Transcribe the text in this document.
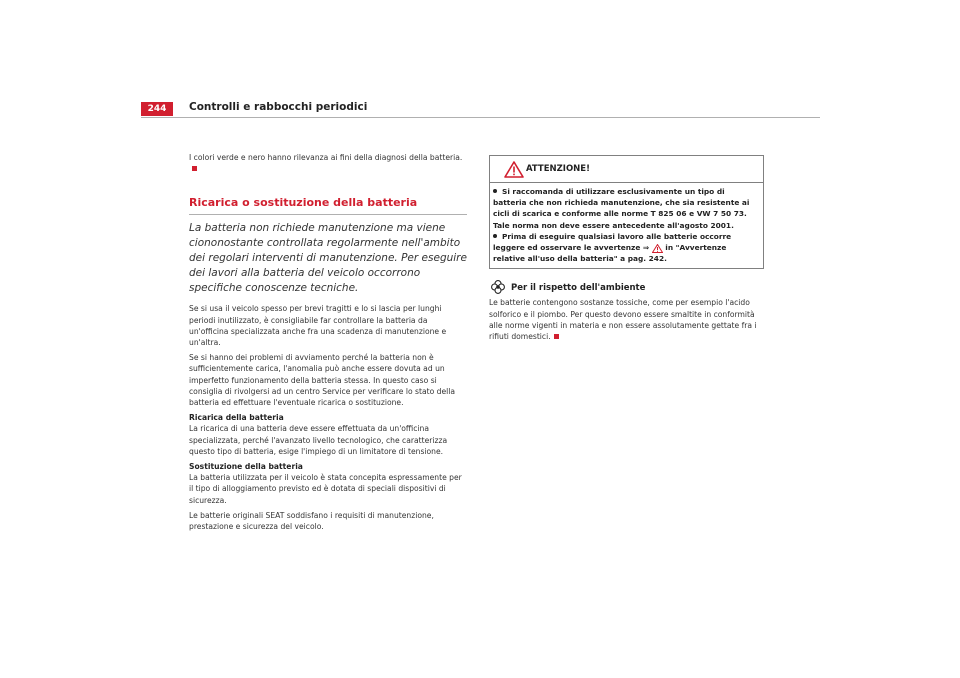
244	Controlli e rabbocchi periodici

I colori verde e nero hanno rilevanza ai fini della diagnosi della batteria.

Ricarica o sostituzione della batteria
La batteria non richiede manutenzione ma viene ciononostante controllata regolarmente nell'ambito dei regolari interventi di manutenzione. Per eseguire dei lavori alla batteria del veicolo occorrono specifiche conoscenze tecniche.

Se si usa il veicolo spesso per brevi tragitti e lo si lascia per lunghi periodi inutilizzato, è consigliabile far controllare la batteria da un'officina specializzata anche fra una scadenza di manutenzione e un'altra.

Se si hanno dei problemi di avviamento perché la batteria non è sufficientemente carica, l'anomalia può anche essere dovuta ad un imperfetto funzionamento della batteria stessa. In questo caso si consiglia di rivolgersi ad un centro Service per verificare lo stato della batteria ed effettuare l'eventuale ricarica o sostituzione.

Ricarica della batteria

La ricarica di una batteria deve essere effettuata da un'officina specializzata, perché l'avanzato livello tecnologico, che caratterizza questo tipo di batteria, esige l'impiego di un limitatore di tensione.

Sostituzione della batteria

La batteria utilizzata per il veicolo è stata concepita espressamente per il tipo di alloggiamento previsto ed è dotata di speciali dispositivi di sicurezza.

Le batterie originali SEAT soddisfano i requisiti di manutenzione, prestazione e sicurezza del veicolo.

ATTENZIONE!

Si raccomanda di utilizzare esclusivamente un tipo di batteria che non richieda manutenzione, che sia resistente ai cicli di scarica e conforme alle norme T 825 06 e VW 7 50 73. Tale norma non deve essere antecedente all'agosto 2001.

Prima di eseguire qualsiasi lavoro alle batterie occorre leggere ed osservare le avvertenze ⇒ in "Avvertenze relative all'uso della batteria" a pag. 242.

Per il rispetto dell'ambiente

Le batterie contengono sostanze tossiche, come per esempio l'acido solforico e il piombo. Per questo devono essere smaltite in conformità alle norme vigenti in materia e non essere assolutamente gettate fra i rifiuti domestici.
